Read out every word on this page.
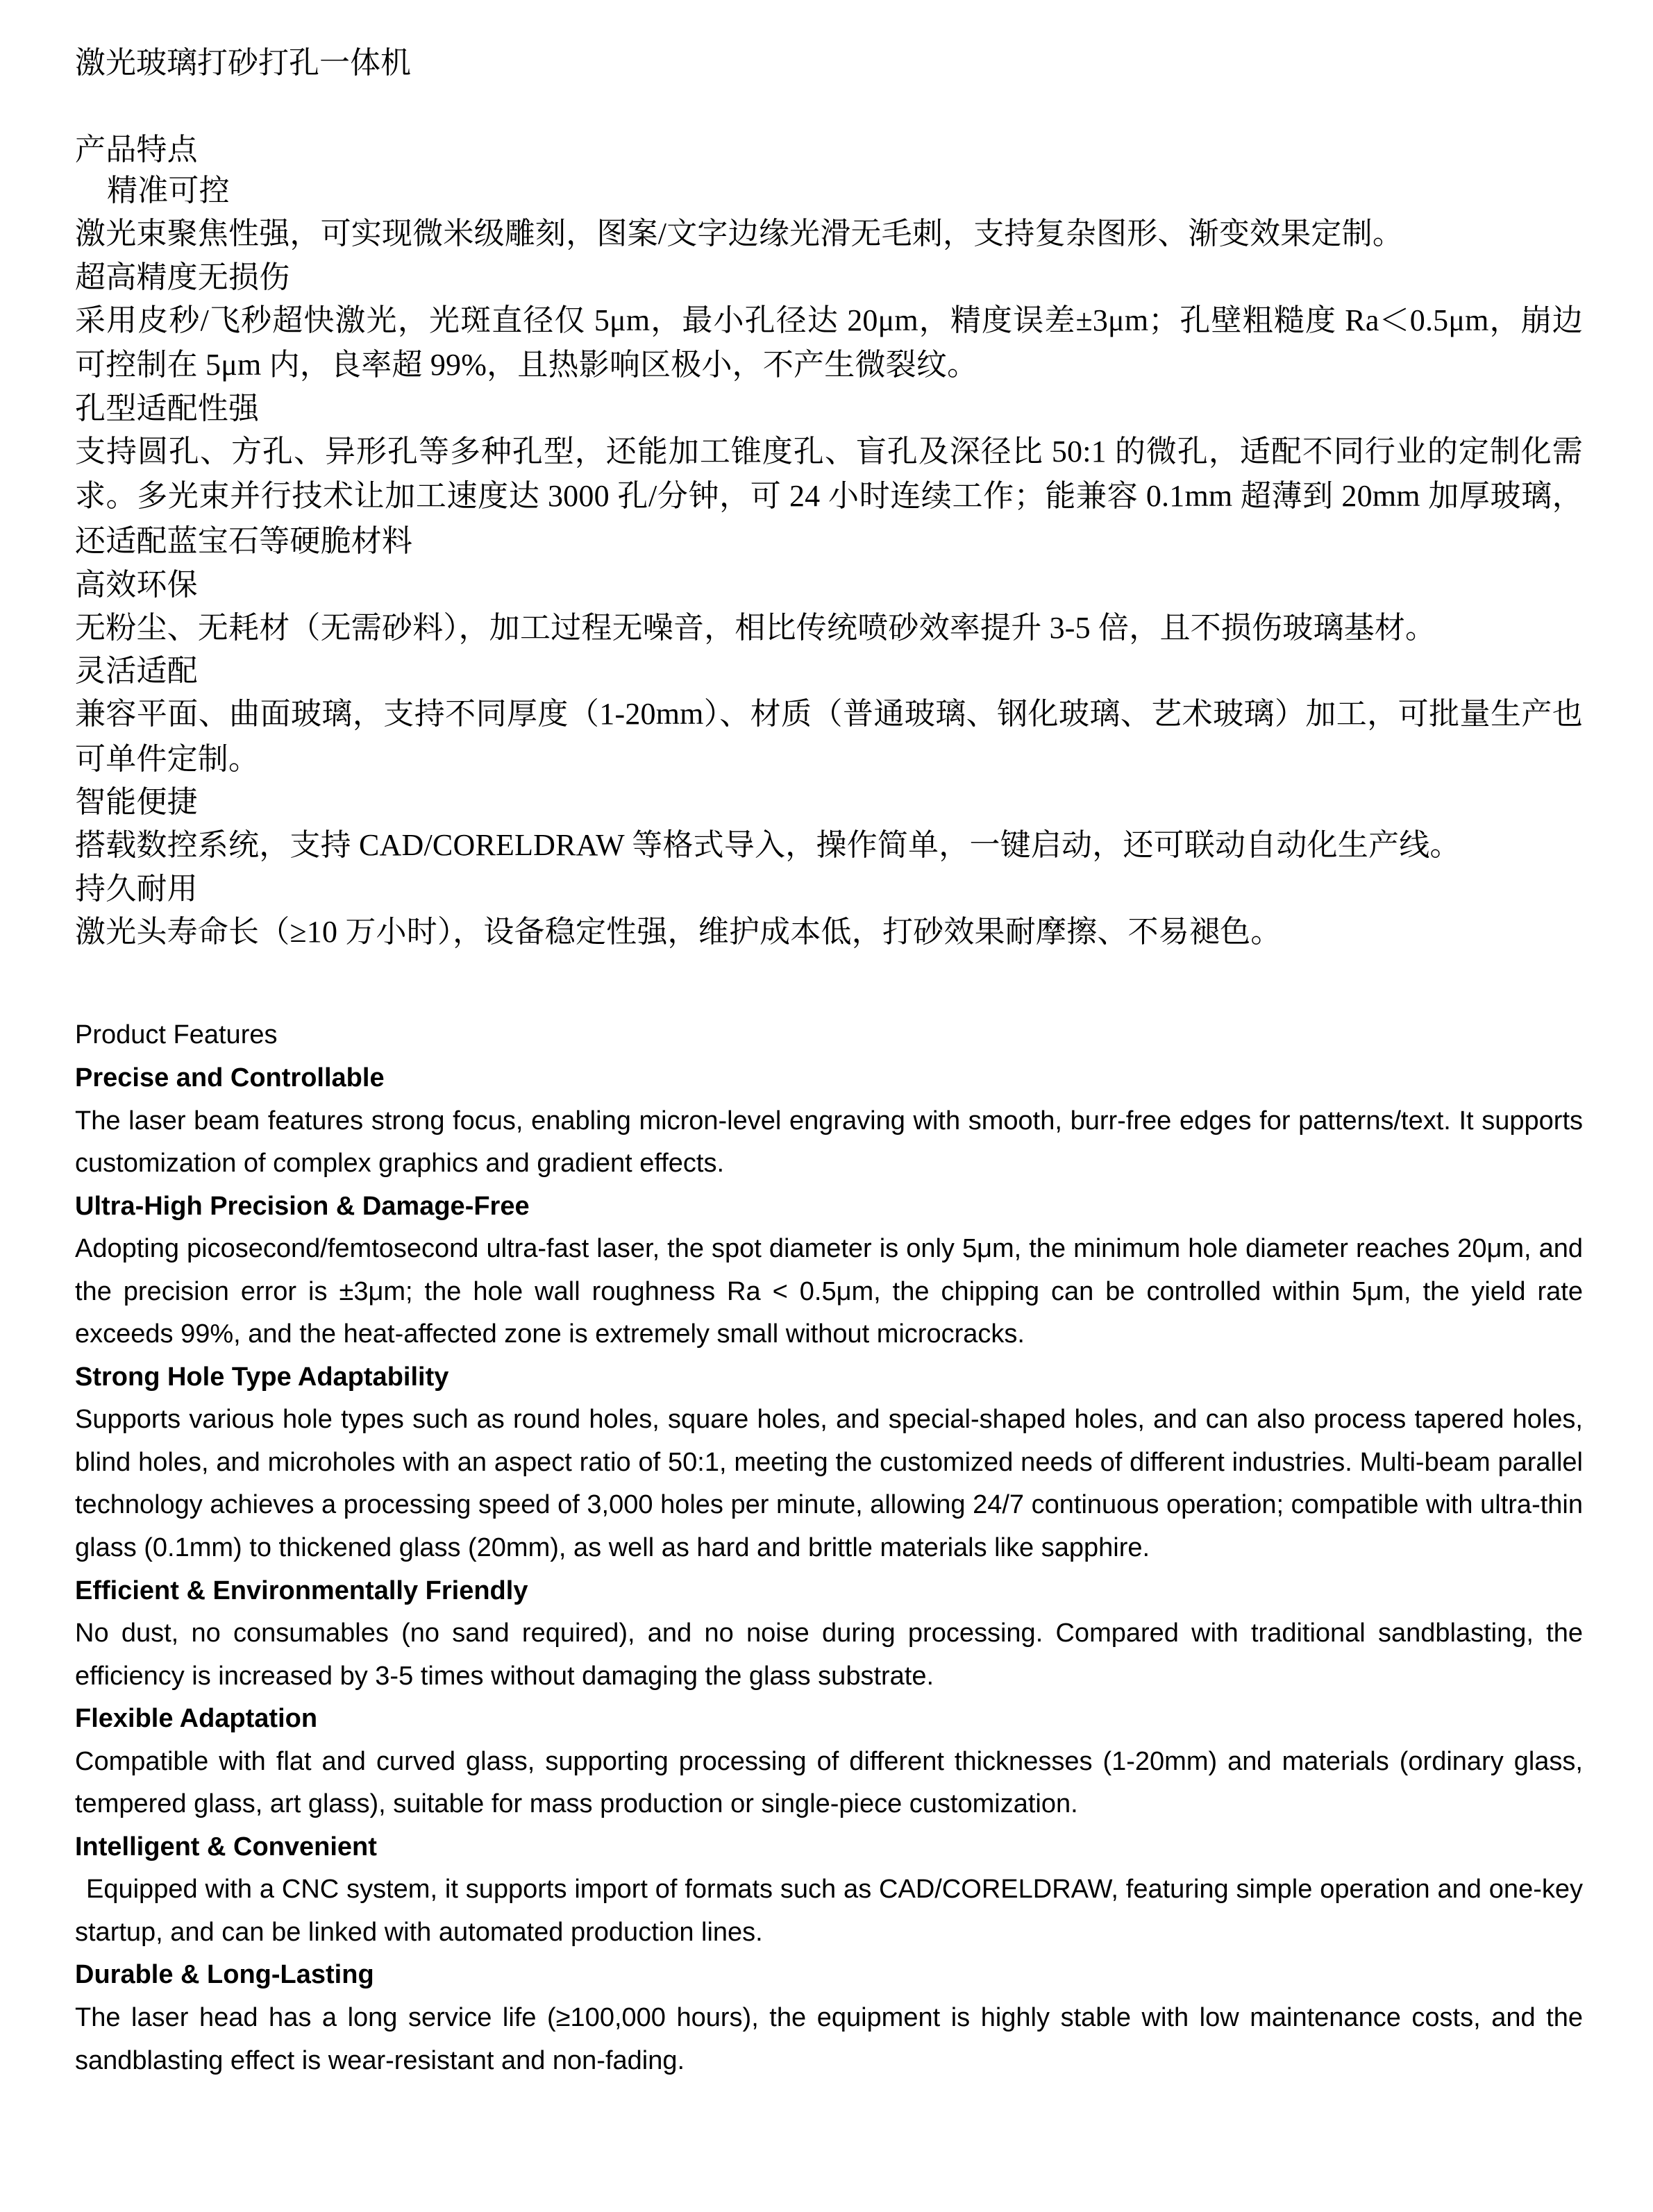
激光玻璃打砂打孔一体机
产品特点
精准可控
激光束聚焦性强，可实现微米级雕刻，图案/文字边缘光滑无毛刺，支持复杂图形、渐变效果定制。
超高精度无损伤
采用皮秒/飞秒超快激光，光斑直径仅 5μm，最小孔径达 20μm，精度误差±3μm；孔壁粗糙度 Ra＜0.5μm，崩边可控制在 5μm 内，良率超 99%，且热影响区极小，不产生微裂纹。
孔型适配性强
支持圆孔、方孔、异形孔等多种孔型，还能加工锥度孔、盲孔及深径比 50:1 的微孔，适配不同行业的定制化需求。多光束并行技术让加工速度达 3000 孔/分钟，可 24 小时连续工作；能兼容 0.1mm 超薄到 20mm 加厚玻璃，还适配蓝宝石等硬脆材料
高效环保
无粉尘、无耗材（无需砂料），加工过程无噪音，相比传统喷砂效率提升 3-5 倍，且不损伤玻璃基材。
灵活适配
兼容平面、曲面玻璃，支持不同厚度（1-20mm）、材质（普通玻璃、钢化玻璃、艺术玻璃）加工，可批量生产也可单件定制。
智能便捷
搭载数控系统，支持 CAD/CORELDRAW 等格式导入，操作简单，一键启动，还可联动自动化生产线。
持久耐用
激光头寿命长（≥10 万小时），设备稳定性强，维护成本低，打砂效果耐摩擦、不易褪色。
Product Features
Precise and Controllable
The laser beam features strong focus, enabling micron-level engraving with smooth, burr-free edges for patterns/text. It supports customization of complex graphics and gradient effects.
Ultra-High Precision & Damage-Free
Adopting picosecond/femtosecond ultra-fast laser, the spot diameter is only 5μm, the minimum hole diameter reaches 20μm, and the precision error is ±3μm; the hole wall roughness Ra < 0.5μm, the chipping can be controlled within 5μm, the yield rate exceeds 99%, and the heat-affected zone is extremely small without microcracks.
Strong Hole Type Adaptability
Supports various hole types such as round holes, square holes, and special-shaped holes, and can also process tapered holes, blind holes, and microholes with an aspect ratio of 50:1, meeting the customized needs of different industries. Multi-beam parallel technology achieves a processing speed of 3,000 holes per minute, allowing 24/7 continuous operation; compatible with ultra-thin glass (0.1mm) to thickened glass (20mm), as well as hard and brittle materials like sapphire.
Efficient & Environmentally Friendly
No dust, no consumables (no sand required), and no noise during processing. Compared with traditional sandblasting, the efficiency is increased by 3-5 times without damaging the glass substrate.
Flexible Adaptation
Compatible with flat and curved glass, supporting processing of different thicknesses (1-20mm) and materials (ordinary glass, tempered glass, art glass), suitable for mass production or single-piece customization.
Intelligent & Convenient
Equipped with a CNC system, it supports import of formats such as CAD/CORELDRAW, featuring simple operation and one-key startup, and can be linked with automated production lines.
Durable & Long-Lasting
The laser head has a long service life (≥100,000 hours), the equipment is highly stable with low maintenance costs, and the sandblasting effect is wear-resistant and non-fading.
